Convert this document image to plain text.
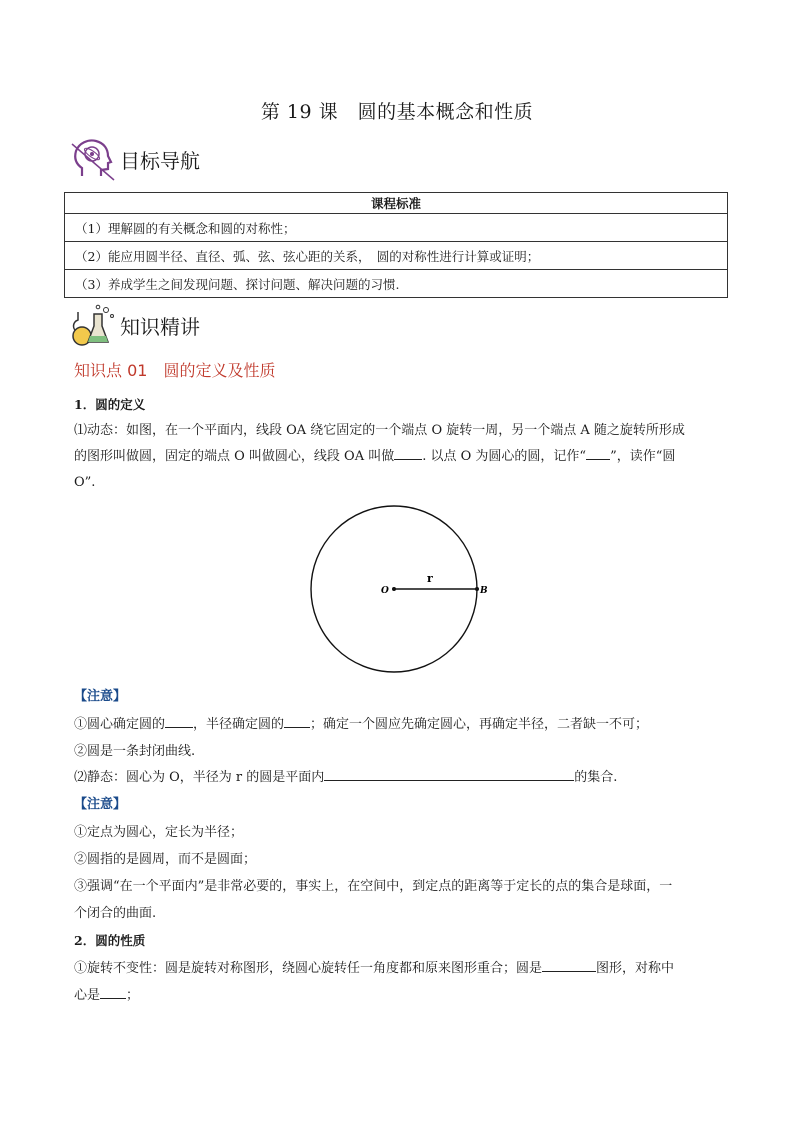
第 19 课　圆的基本概念和性质
目标导航
课程标准
（1）理解圆的有关概念和圆的对称性；
（2）能应用圆半径、直径、弧、弦、弦心距的关系，　圆的对称性进行计算或证明；
（3）养成学生之间发现问题、探讨问题、解决问题的习惯.
知识精讲
知识点 01　圆的定义及性质
1．圆的定义
⑴动态：如图，在一个平面内，线段 OA 绕它固定的一个端点 O 旋转一周，另一个端点 A 随之旋转所形成
的图形叫做圆，固定的端点 O 叫做圆心，线段 OA 叫做 . 以点 O 为圆心的圆，记作“ ”，读作“圆
O”.
O	B
r
【注意】
①圆心确定圆的 ，半径确定圆的 ；确定一个圆应先确定圆心，再确定半径，二者缺一不可；
②圆是一条封闭曲线.
⑵静态：圆心为 O，半径为 r 的圆是平面内	的集合.
【注意】
①定点为圆心，定长为半径；
②圆指的是圆周，而不是圆面；
③强调“在一个平面内”是非常必要的，事实上，在空间中，到定点的距离等于定长的点的集合是球面，一
个闭合的曲面.
2．圆的性质
①旋转不变性：圆是旋转对称图形，绕圆心旋转任一角度都和原来图形重合；圆是	图形，对称中
心是 ；
